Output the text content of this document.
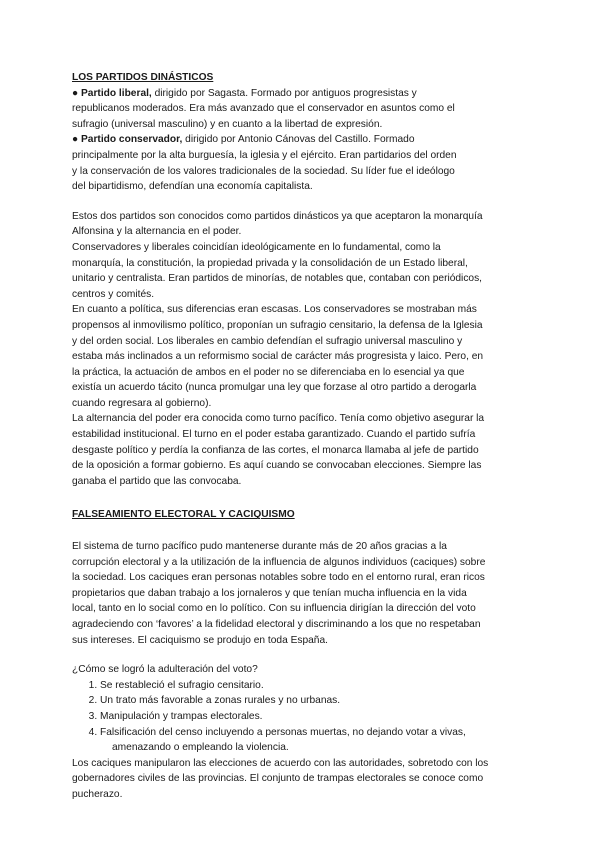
LOS PARTIDOS DINÁSTICOS
● Partido liberal, dirigido por Sagasta. Formado por antiguos progresistas y
republicanos moderados. Era más avanzado que el conservador en asuntos como el
sufragio (universal masculino) y en cuanto a la libertad de expresión.
● Partido conservador, dirigido por Antonio Cánovas del Castillo. Formado
principalmente por la alta burguesía, la iglesia y el ejército. Eran partidarios del orden
y la conservación de los valores tradicionales de la sociedad. Su líder fue el ideólogo
del bipartidismo, defendían una economía capitalista.
Estos dos partidos son conocidos como partidos dinásticos ya que aceptaron la monarquía
Alfonsina y la alternancia en el poder.
Conservadores y liberales coincidían ideológicamente en lo fundamental, como la
monarquía, la constitución, la propiedad privada y la consolidación de un Estado liberal,
unitario y centralista. Eran partidos de minorías, de notables que, contaban con periódicos,
centros y comités.
En cuanto a política, sus diferencias eran escasas. Los conservadores se mostraban más
propensos al inmovilismo político, proponían un sufragio censitario, la defensa de la Iglesia
y del orden social. Los liberales en cambio defendían el sufragio universal masculino y
estaba más inclinados a un reformismo social de carácter más progresista y laico. Pero, en
la práctica, la actuación de ambos en el poder no se diferenciaba en lo esencial ya que
existía un acuerdo tácito (nunca promulgar una ley que forzase al otro partido a derogarla
cuando regresara al gobierno).
La alternancia del poder era conocida como turno pacífico. Tenía como objetivo asegurar la
estabilidad institucional. El turno en el poder estaba garantizado. Cuando el partido sufría
desgaste político y perdía la confianza de las cortes, el monarca llamaba al jefe de partido
de la oposición a formar gobierno. Es aquí cuando se convocaban elecciones. Siempre las
ganaba el partido que las convocaba.
FALSEAMIENTO ELECTORAL Y CACIQUISMO
El sistema de turno pacífico pudo mantenerse durante más de 20 años gracias a la
corrupción electoral y a la utilización de la influencia de algunos individuos (caciques) sobre
la sociedad. Los caciques eran personas notables sobre todo en el entorno rural, eran ricos
propietarios que daban trabajo a los jornaleros y que tenían mucha influencia en la vida
local, tanto en lo social como en lo político. Con su influencia dirigían la dirección del voto
agradeciendo con ‘favores’ a la fidelidad electoral y discriminando a los que no respetaban
sus intereses. El caciquismo se produjo en toda España.
¿Cómo se logró la adulteración del voto?
1. Se restableció el sufragio censitario.
2. Un trato más favorable a zonas rurales y no urbanas.
3. Manipulación y trampas electorales.
4. Falsificación del censo incluyendo a personas muertas, no dejando votar a vivas,
amenazando o empleando la violencia.
Los caciques manipularon las elecciones de acuerdo con las autoridades, sobretodo con los
gobernadores civiles de las provincias. El conjunto de trampas electorales se conoce como
pucherazo.
